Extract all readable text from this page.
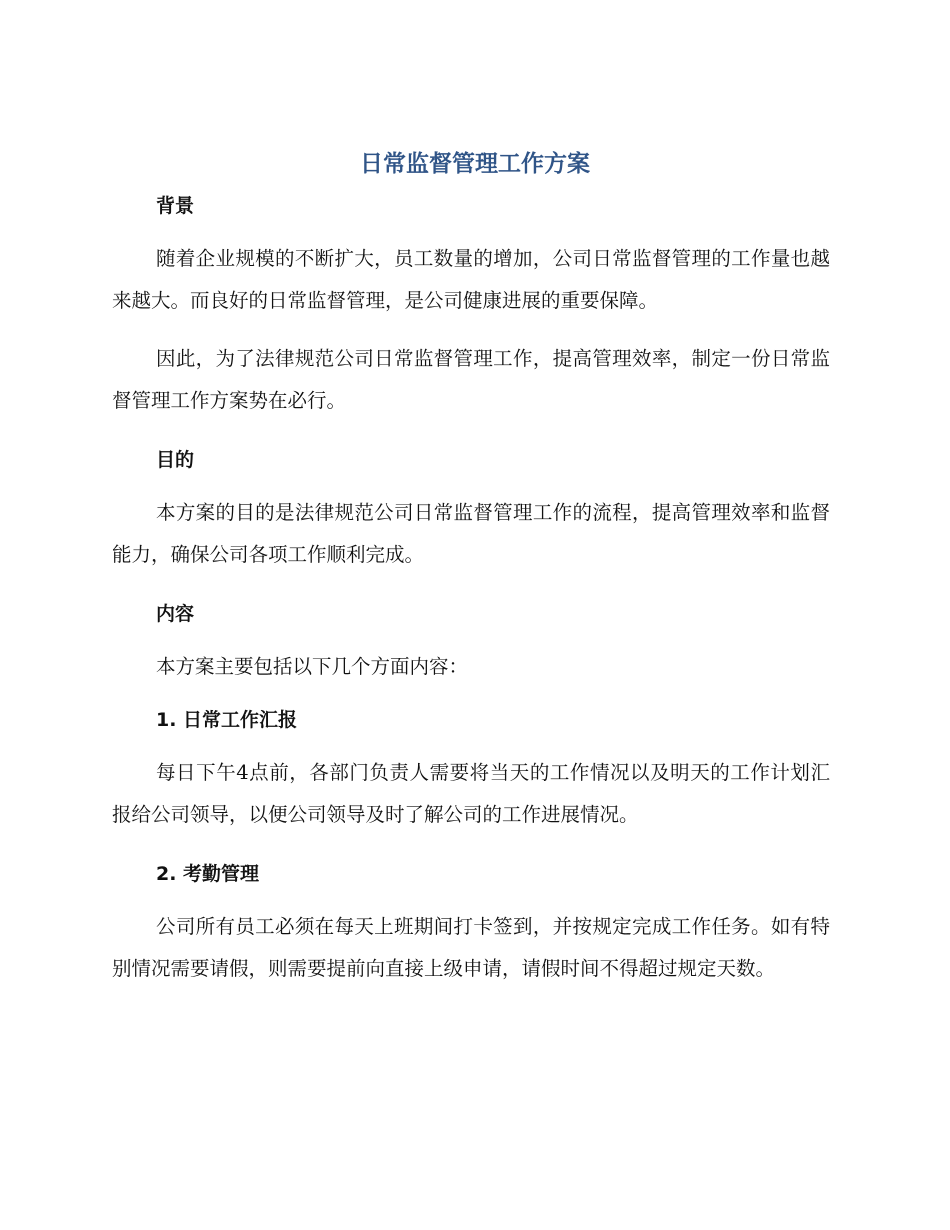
日常监督管理工作方案
背景

随着企业规模的不断扩大，员工数量的增加，公司日常监督管理的工作量也越来越大。而良好的日常监督管理，是公司健康进展的重要保障。

因此，为了法律规范公司日常监督管理工作，提高管理效率，制定一份日常监督管理工作方案势在必行。

目的

本方案的目的是法律规范公司日常监督管理工作的流程，提高管理效率和监督能力，确保公司各项工作顺利完成。

内容

本方案主要包括以下几个方面内容：

1. 日常工作汇报

每日下午4点前，各部门负责人需要将当天的工作情况以及明天的工作计划汇报给公司领导，以便公司领导及时了解公司的工作进展情况。

2. 考勤管理

公司所有员工必须在每天上班期间打卡签到，并按规定完成工作任务。如有特别情况需要请假，则需要提前向直接上级申请，请假时间不得超过规定天数。
